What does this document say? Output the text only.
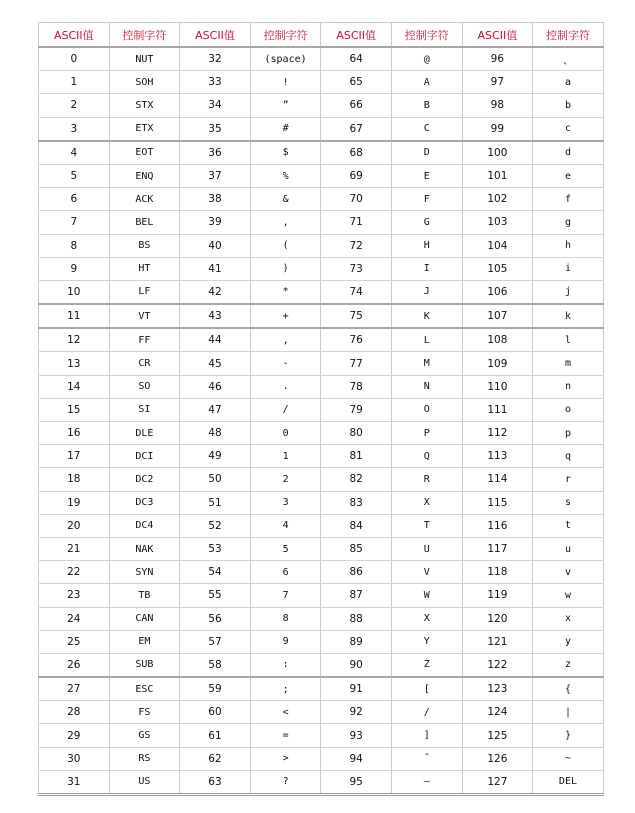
ASCII值	控制字符	ASCII值	控制字符	ASCII值	控制字符	ASCII值	控制字符
0	NUT	32	(space)	64	@	96	、
1	SOH	33	!	65	A	97	a
2	STX	34	”	66	B	98	b
3	ETX	35	#	67	C	99	c
4	EOT	36	$	68	D	100	d
5	ENQ	37	%	69	E	101	e
6	ACK	38	&	70	F	102	f
7	BEL	39	,	71	G	103	g
8	BS	40	(	72	H	104	h
9	HT	41	)	73	I	105	i
10	LF	42	*	74	J	106	j
11	VT	43	+	75	K	107	k
12	FF	44	,	76	L	108	l
13	CR	45	-	77	M	109	m
14	SO	46	.	78	N	110	n
15	SI	47	/	79	O	111	o
16	DLE	48	0	80	P	112	p
17	DCI	49	1	81	Q	113	q
18	DC2	50	2	82	R	114	r
19	DC3	51	3	83	X	115	s
20	DC4	52	4	84	T	116	t
21	NAK	53	5	85	U	117	u
22	SYN	54	6	86	V	118	v
23	TB	55	7	87	W	119	w
24	CAN	56	8	88	X	120	x
25	EM	57	9	89	Y	121	y
26	SUB	58	:	90	Z	122	z
27	ESC	59	;	91	[	123	{
28	FS	60	<	92	/	124	|
29	GS	61	=	93	]	125	}
30	RS	62	>	94	ˆ	126	~
31	US	63	?	95	—	127	DEL
